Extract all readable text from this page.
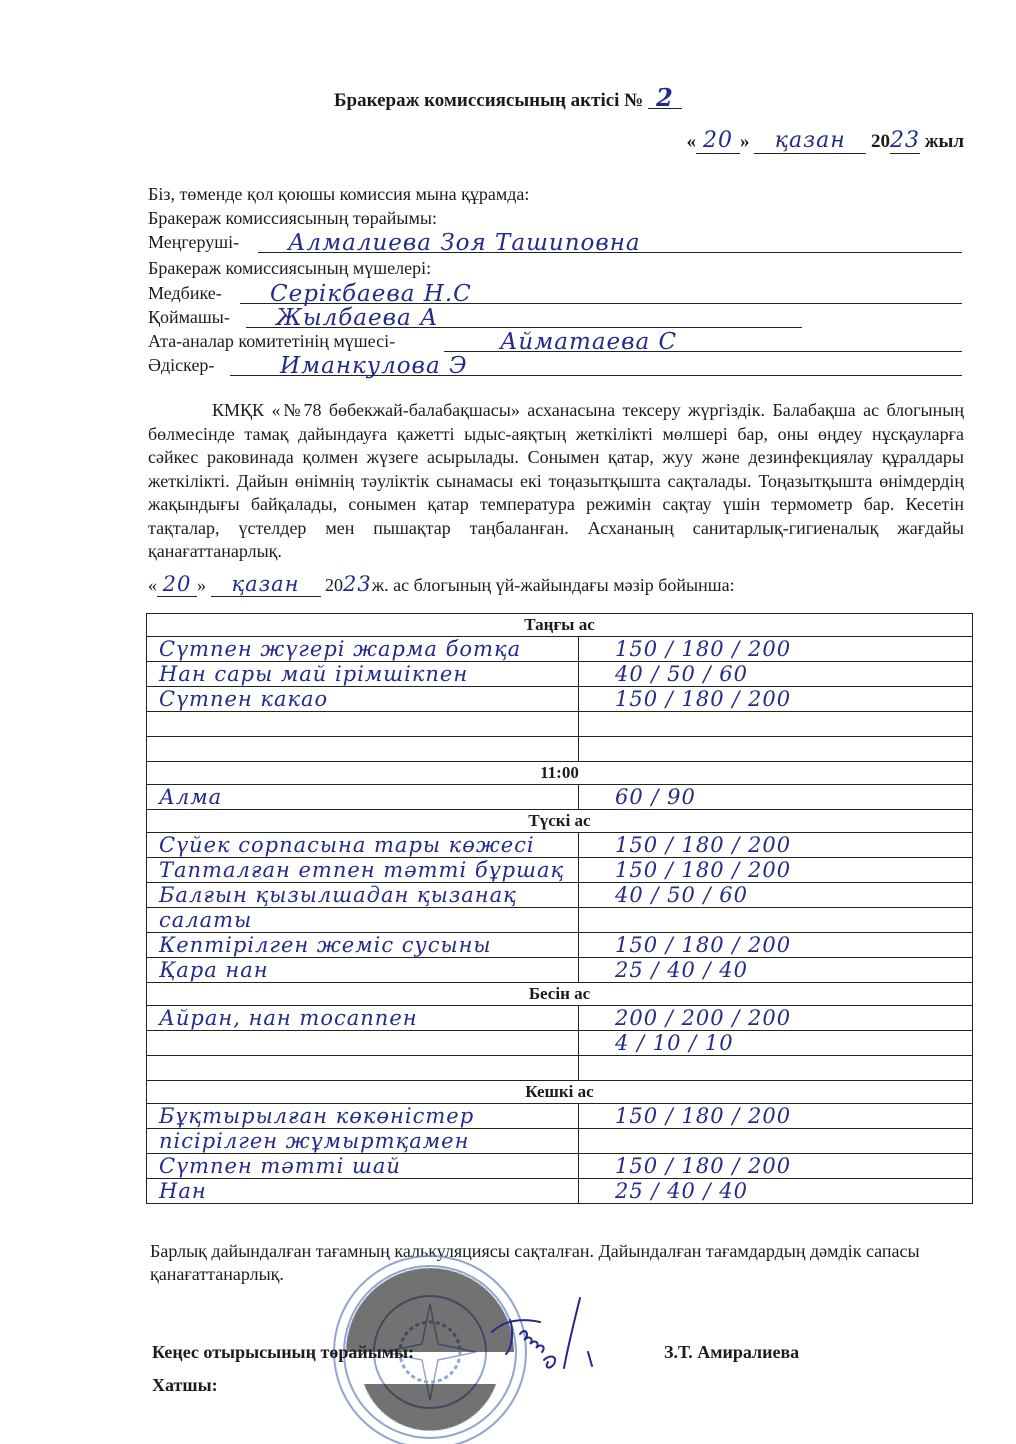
Бракераж комиссиясының актісі № 2
« 20 » қазан 2023 жыл
Біз, төменде қол қоюшы комиссия мына құрамда:
Бракераж комиссиясының төрайымы:
Меңгеруші- Алмалиева Зоя Ташиповна
Бракераж комиссиясының мүшелері:
Медбике- Серікбаева Н.С
Қоймашы- Жылбаева А
Ата-аналар комитетінің мүшесі-	Айматаева С
Әдіскер-	Иманкулова Э

КМҚК «№78 бөбекжай-балабақшасы» асханасына тексеру жүргіздік. Балабақша ас блогының бөлмесінде тамақ дайындауға қажетті ыдыс-аяқтың жеткілікті мөлшері бар, оны өңдеу нұсқауларға сәйкес раковинада қолмен жүзеге асырылады. Сонымен қатар, жуу және дезинфекциялау құралдары жеткілікті. Дайын өнімнің тәуліктік сынамасы екі тоңазытқышта сақталады. Тоңазытқышта өнімдердің жақындығы байқалады, сонымен қатар температура режимін сақтау үшін термометр бар. Кесетін тақталар, үстелдер мен пышақтар таңбаланған. Асхананың санитарлық-гигиеналық жағдайы қанағаттанарлық.

« 20 » қазан 2023ж. ас блогының үй-жайындағы мәзір бойынша:
Таңғы ас	
Сүтпен жүгері жарма ботқа	150 / 180 / 200
Нан сары май ірімшікпен	40 / 50 / 60
Сүтпен какао	150 / 180 / 200

11:00	
Алма	60 / 90
Түскі ас	
Сүйек сорпасына тары көжесі	150 / 180 / 200
Тапталған етпен тәтті бұршақ	150 / 180 / 200
Балғын қызылшадан қызанақ	40 / 50 / 60
салаты	
Кептірілген жеміс сусыны	150 / 180 / 200
Қара нан	25 / 40 / 40
Бесін ас	
Айран, нан тосаппен	200 / 200 / 200
	4 / 10 / 10

Кешкі ас	
Бұқтырылған көкөністер	150 / 180 / 200
пісірілген жұмыртқамен	
Сүтпен тәтті шай	150 / 180 / 200
Нан	25 / 40 / 40
Барлық дайындалған тағамның калькуляциясы сақталған. Дайындалған тағамдардың дәмдік сапасы қанағаттанарлық.
Кеңес отырысының төрайымы:	З.Т. Амиралиева
Хатшы:
